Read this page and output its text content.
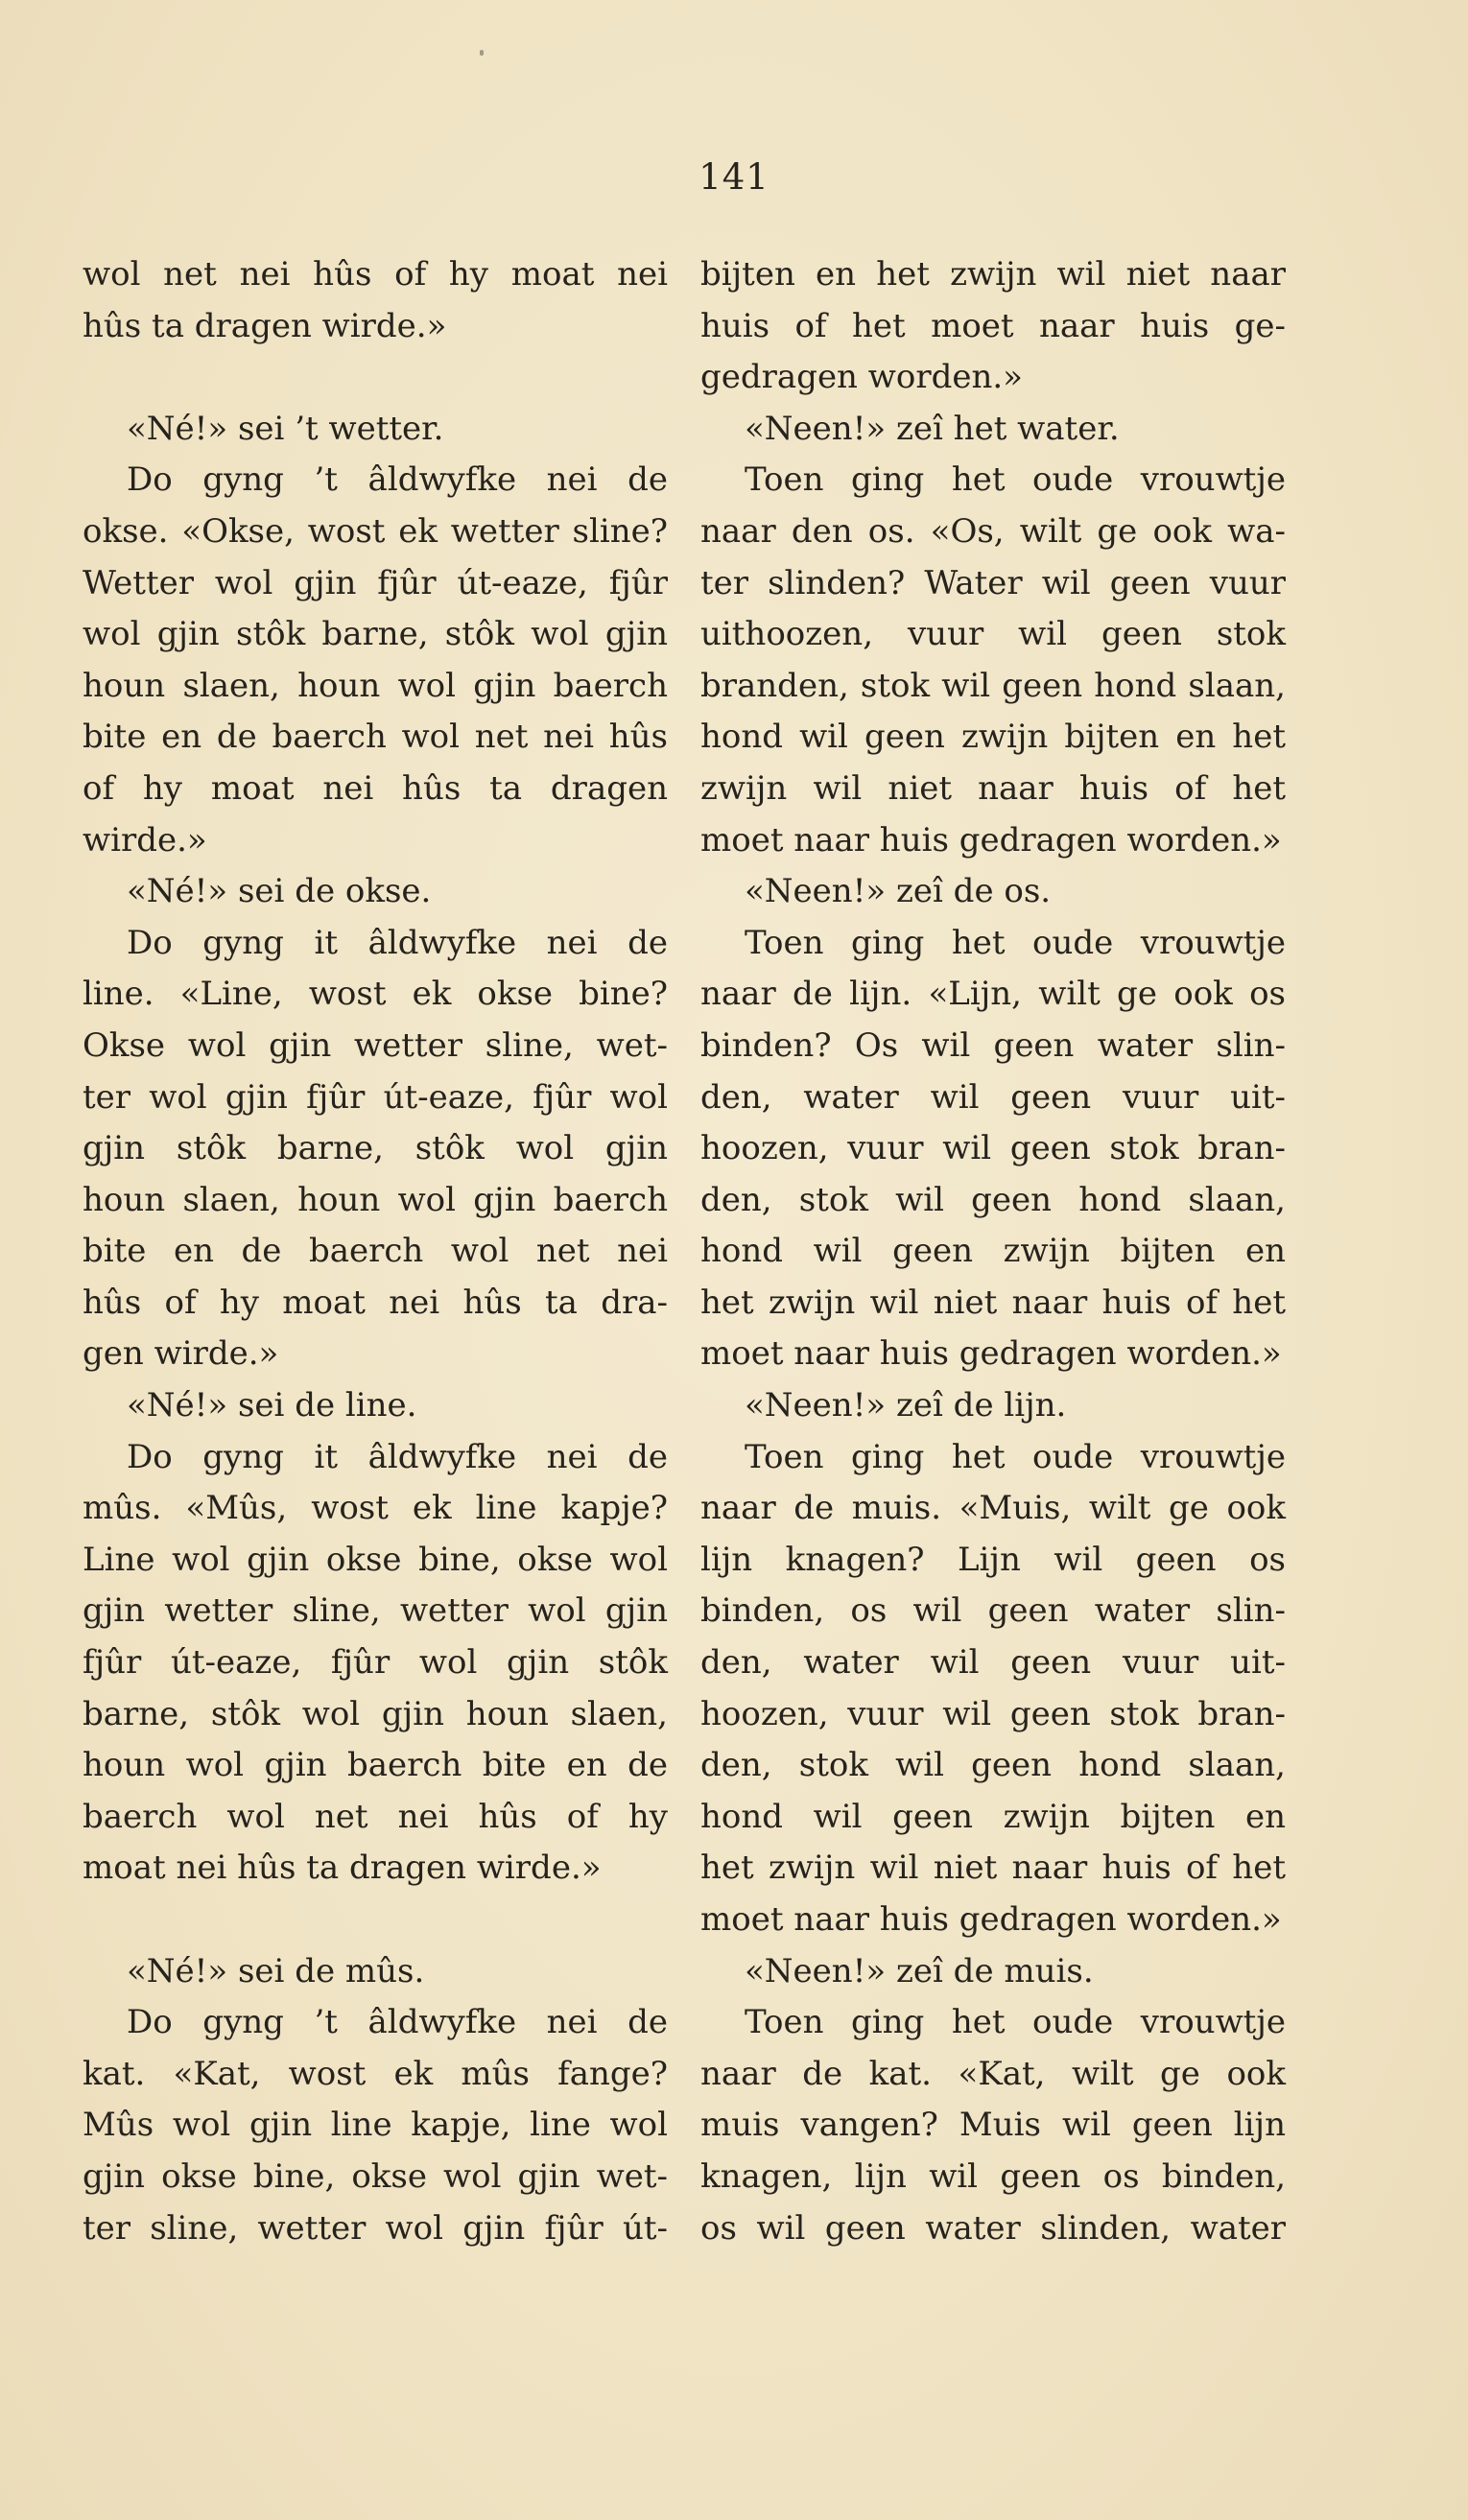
141
wol net nei hûs of hy moat nei
hûs ta dragen wirde.»
«Né!» sei ’t wetter.
Do gyng ’t âldwyfke nei de
okse. «Okse, wost ek wetter sline?
Wetter wol gjin fjûr út-eaze, fjûr
wol gjin stôk barne, stôk wol gjin
houn slaen, houn wol gjin baerch
bite en de baerch wol net nei hûs
of hy moat nei hûs ta dragen
wirde.»
«Né!» sei de okse.
Do gyng it âldwyfke nei de
line. «Line, wost ek okse bine?
Okse wol gjin wetter sline, wet-
ter wol gjin fjûr út-eaze, fjûr wol
gjin stôk barne, stôk wol gjin
houn slaen, houn wol gjin baerch
bite en de baerch wol net nei
hûs of hy moat nei hûs ta dra-
gen wirde.»
«Né!» sei de line.
Do gyng it âldwyfke nei de
mûs. «Mûs, wost ek line kapje?
Line wol gjin okse bine, okse wol
gjin wetter sline, wetter wol gjin
fjûr út-eaze, fjûr wol gjin stôk
barne, stôk wol gjin houn slaen,
houn wol gjin baerch bite en de
baerch wol net nei hûs of hy
moat nei hûs ta dragen wirde.»
«Né!» sei de mûs.
Do gyng ’t âldwyfke nei de
kat. «Kat, wost ek mûs fange?
Mûs wol gjin line kapje, line wol
gjin okse bine, okse wol gjin wet-
ter sline, wetter wol gjin fjûr út-
bijten en het zwijn wil niet naar
huis of het moet naar huis ge-
gedragen worden.»
«Neen!» zeî het water.
Toen ging het oude vrouwtje
naar den os. «Os, wilt ge ook wa-
ter slinden? Water wil geen vuur
uithoozen, vuur wil geen stok
branden, stok wil geen hond slaan,
hond wil geen zwijn bijten en het
zwijn wil niet naar huis of het
moet naar huis gedragen worden.»
«Neen!» zeî de os.
Toen ging het oude vrouwtje
naar de lijn. «Lijn, wilt ge ook os
binden? Os wil geen water slin-
den, water wil geen vuur uit-
hoozen, vuur wil geen stok bran-
den, stok wil geen hond slaan,
hond wil geen zwijn bijten en
het zwijn wil niet naar huis of het
moet naar huis gedragen worden.»
«Neen!» zeî de lijn.
Toen ging het oude vrouwtje
naar de muis. «Muis, wilt ge ook
lijn knagen? Lijn wil geen os
binden, os wil geen water slin-
den, water wil geen vuur uit-
hoozen, vuur wil geen stok bran-
den, stok wil geen hond slaan,
hond wil geen zwijn bijten en
het zwijn wil niet naar huis of het
moet naar huis gedragen worden.»
«Neen!» zeî de muis.
Toen ging het oude vrouwtje
naar de kat. «Kat, wilt ge ook
muis vangen? Muis wil geen lijn
knagen, lijn wil geen os binden,
os wil geen water slinden, water
